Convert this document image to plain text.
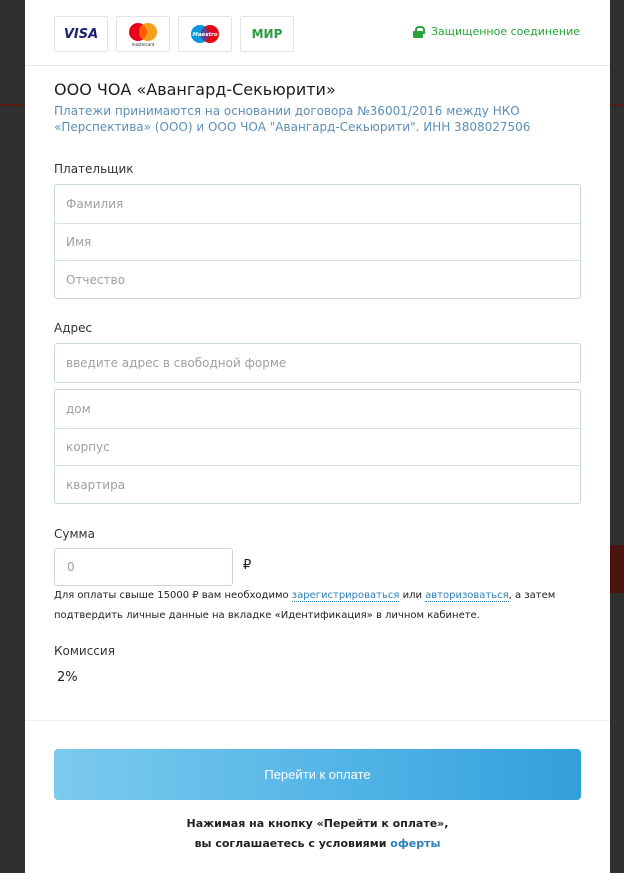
VISA
mastercard
Maestro	МИР	Защищенное соединение
ООО ЧОА «Авангард-Секьюрити»
Платежи принимаются на основании договора №36001/2016 между НКО «Перспектива» (ООО) и ООО ЧОА "Авангард-Секьюрити". ИНН 3808027506
Плательщик
Фамилия
Имя
Отчество
Адрес
введите адрес в свободной форме
дом
корпус
квартира
Сумма
0	₽
Для оплаты свыше 15000 ₽ вам необходимо зарегистрироваться или авторизоваться, а затем подтвердить личные данные на вкладке «Идентификация» в личном кабинете.
Комиссия
2%
Перейти к оплате
Нажимая на кнопку «Перейти к оплате»,
вы соглашаетесь с условиями оферты
